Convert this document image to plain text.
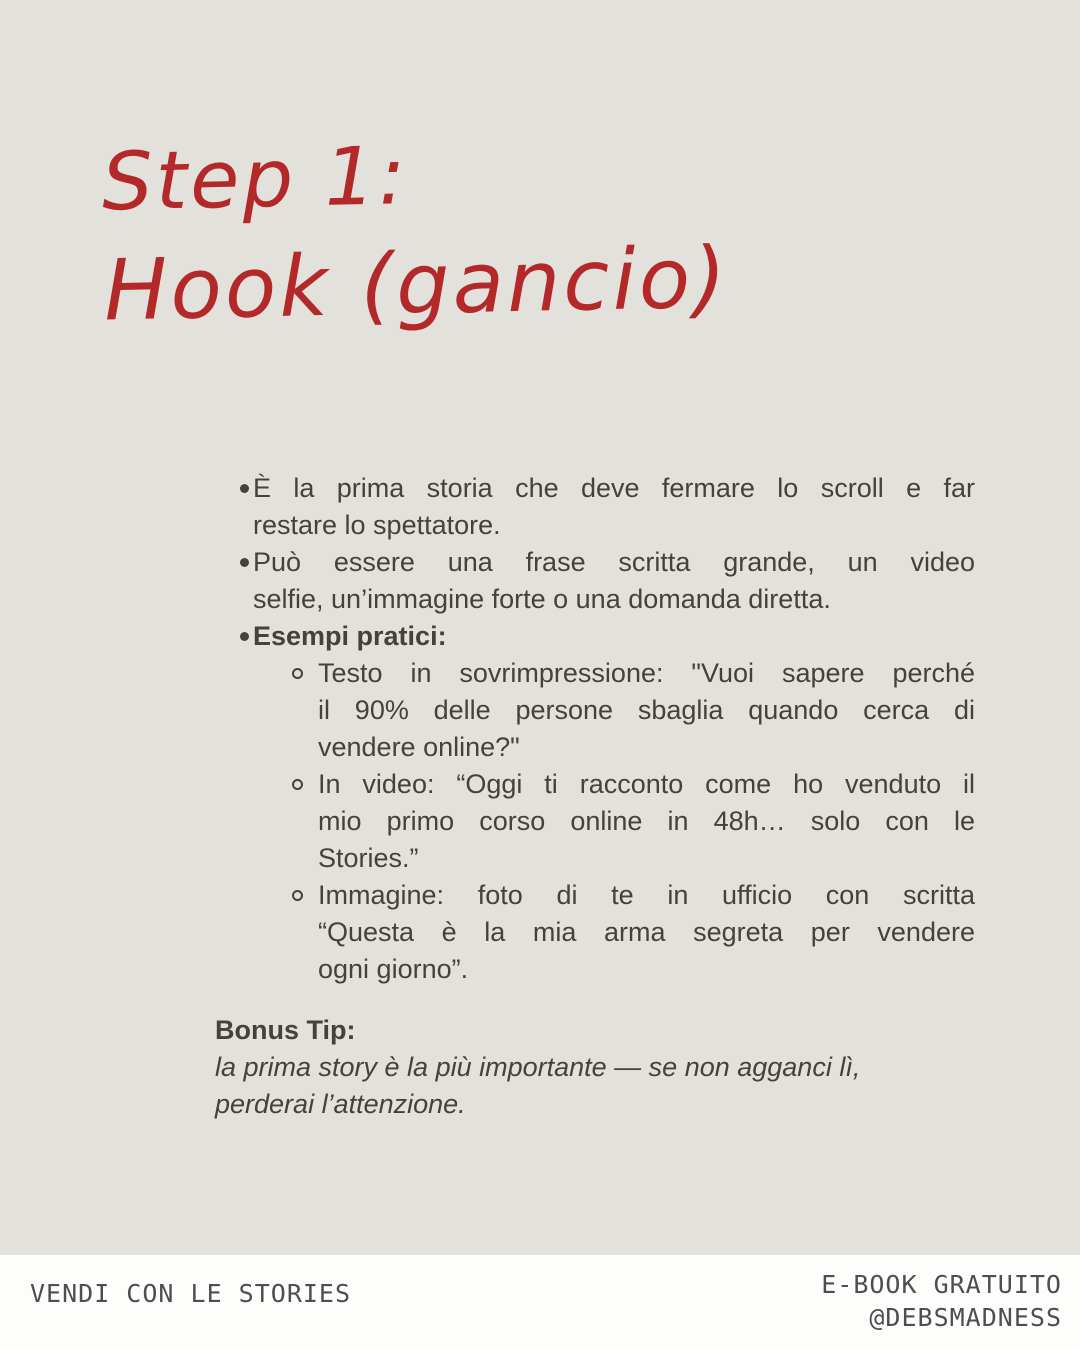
Step 1:
Hook (gancio)
È la prima storia che deve fermare lo scroll e far
restare lo spettatore.
Può essere una frase scritta grande, un video
selfie, un’immagine forte o una domanda diretta.
Esempi pratici:
Testo in sovrimpressione: "Vuoi sapere perché
il 90% delle persone sbaglia quando cerca di
vendere online?"
In video: “Oggi ti racconto come ho venduto il
mio primo corso online in 48h… solo con le
Stories.”
Immagine: foto di te in ufficio con scritta
“Questa è la mia arma segreta per vendere
ogni giorno”.
Bonus Tip:
la prima story è la più importante — se non agganci lì,
perderai l’attenzione.
VENDI CON LE STORIES	E-BOOK GRATUITO
@DEBSMADNESS
